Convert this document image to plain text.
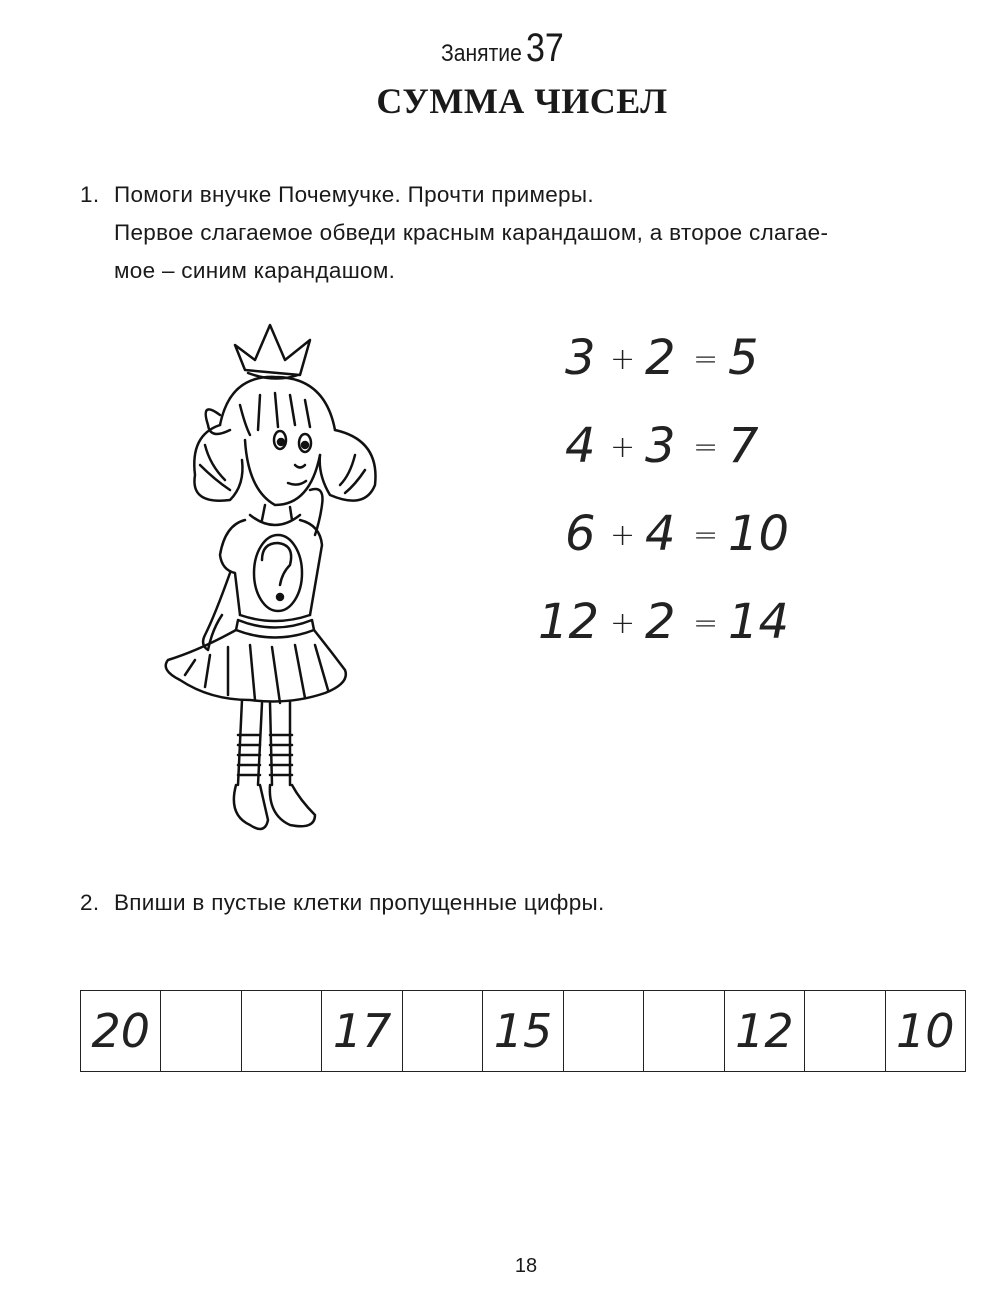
Занятие 37
СУММА ЧИСЕЛ
1. Помоги внучке Почемучке. Прочти примеры.
Первое слагаемое обведи красным карандашом, а второе слагае-
мое – синим карандашом.
3 + 2 = 5
4 + 3 = 7
6 + 4 = 10
12 + 2 = 14
2. Впиши в пустые клетки пропущенные цифры.
20	17 15	12 10
18
